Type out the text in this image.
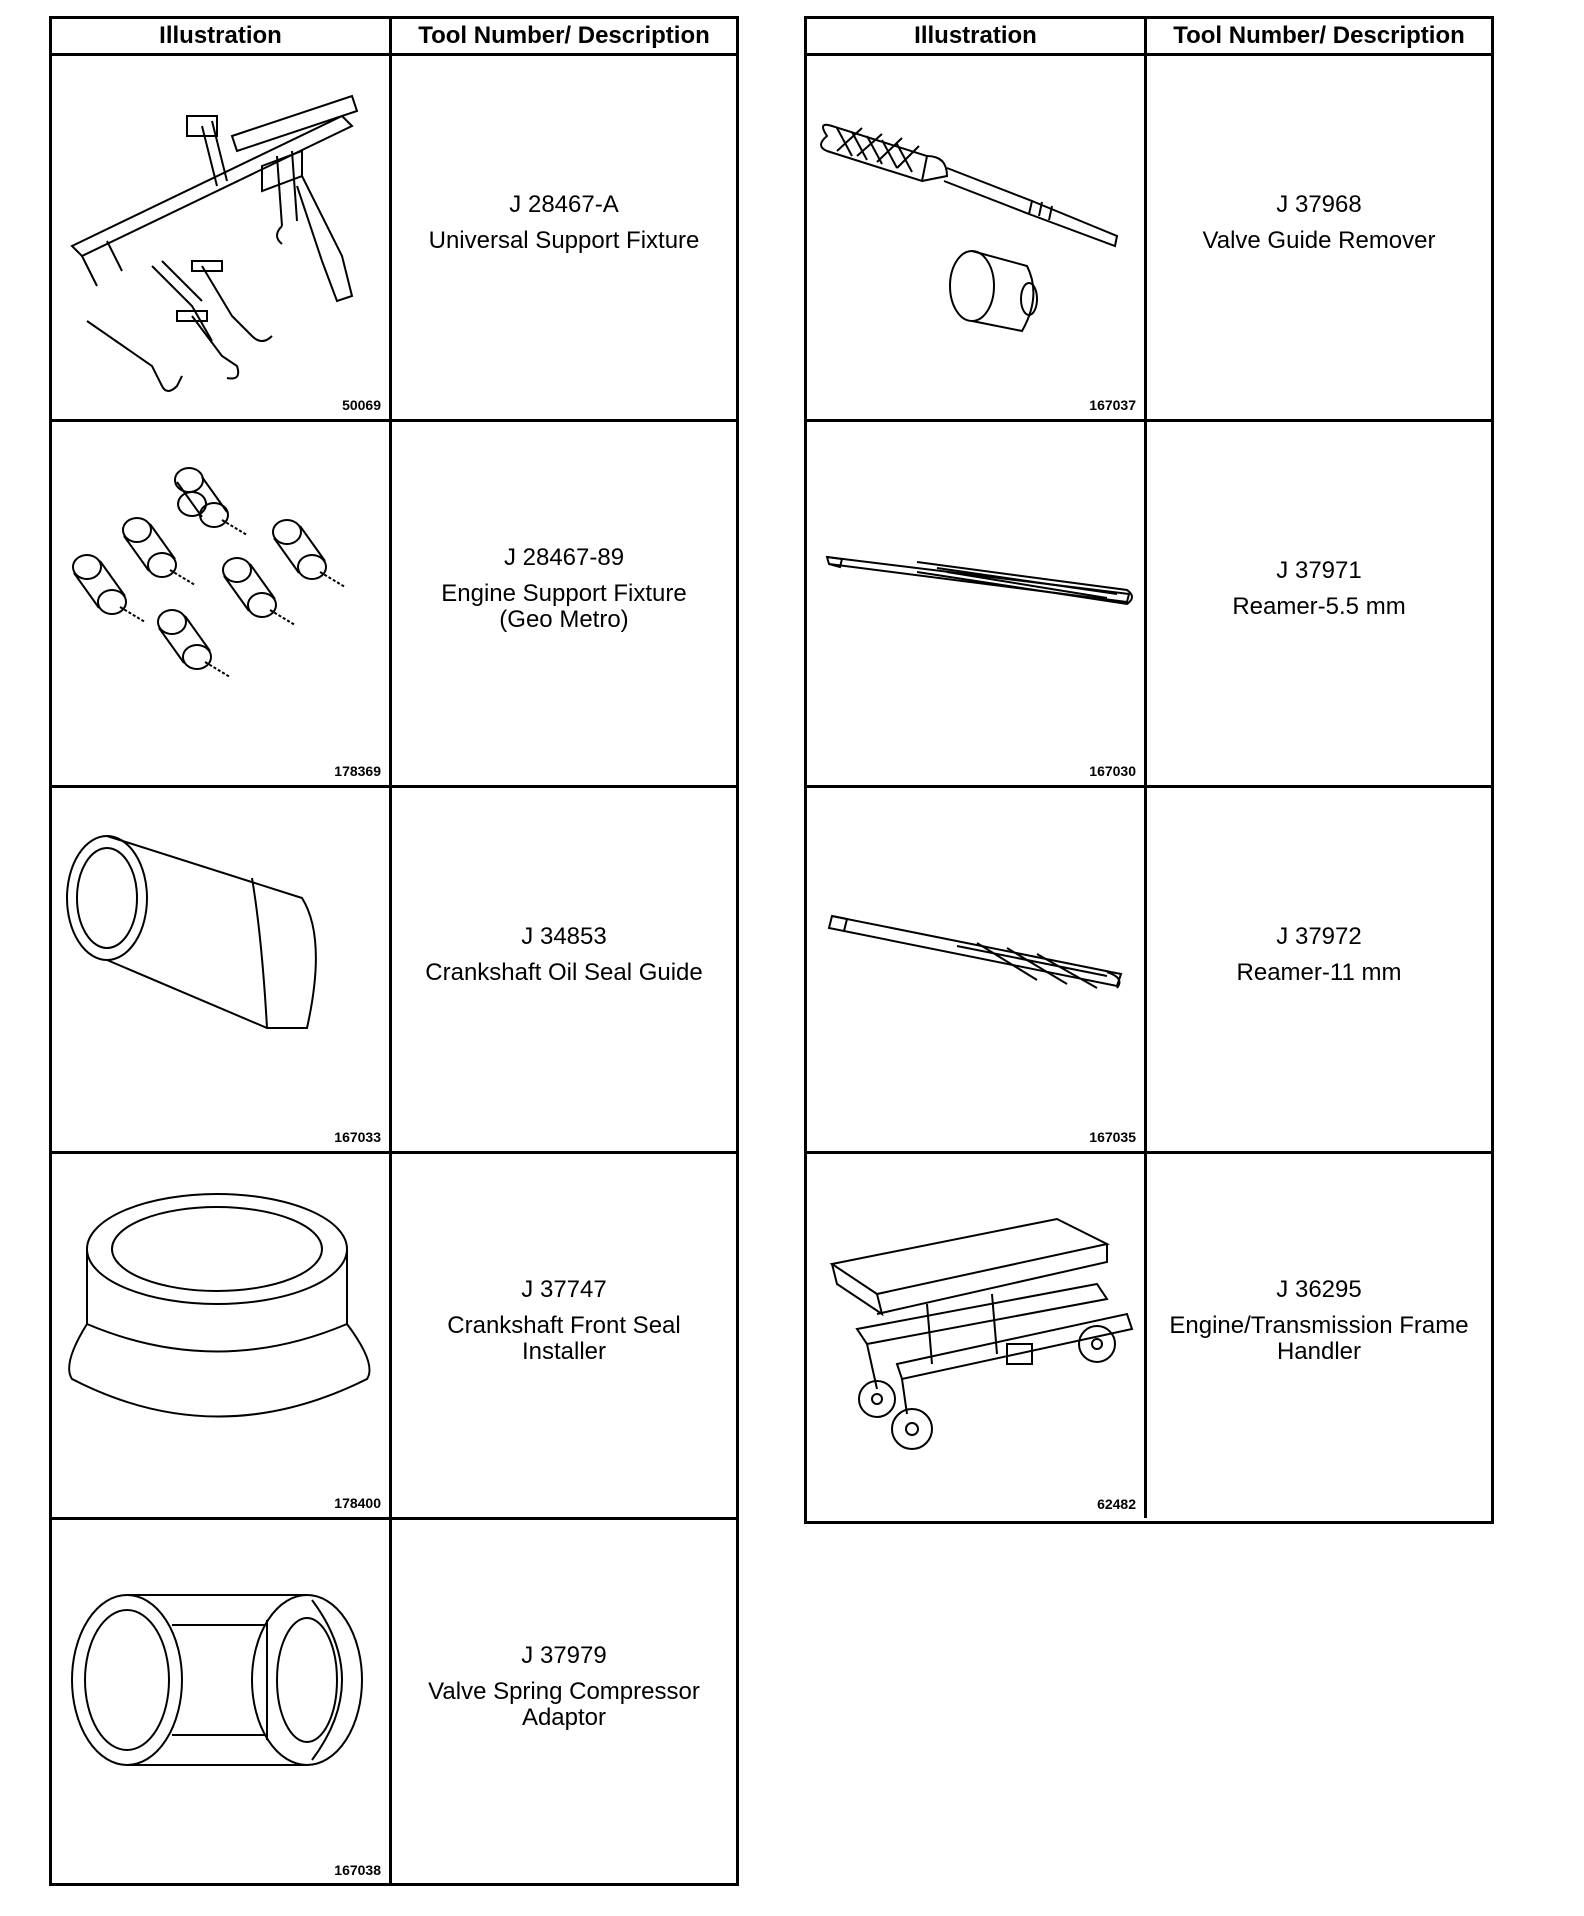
Illustration	Tool Number/ Description
50069
J 28467-A
Universal Support Fixture
178369
J 28467-89
Engine Support Fixture
(Geo Metro)
167033
J 34853
Crankshaft Oil Seal Guide
178400
J 37747
Crankshaft Front Seal
Installer
167038
J 37979
Valve Spring Compressor
Adaptor
Illustration	Tool Number/ Description
167037
J 37968
Valve Guide Remover
167030
J 37971
Reamer-5.5 mm
167035
J 37972
Reamer-11 mm
62482
J 36295
Engine/Transmission Frame
Handler
